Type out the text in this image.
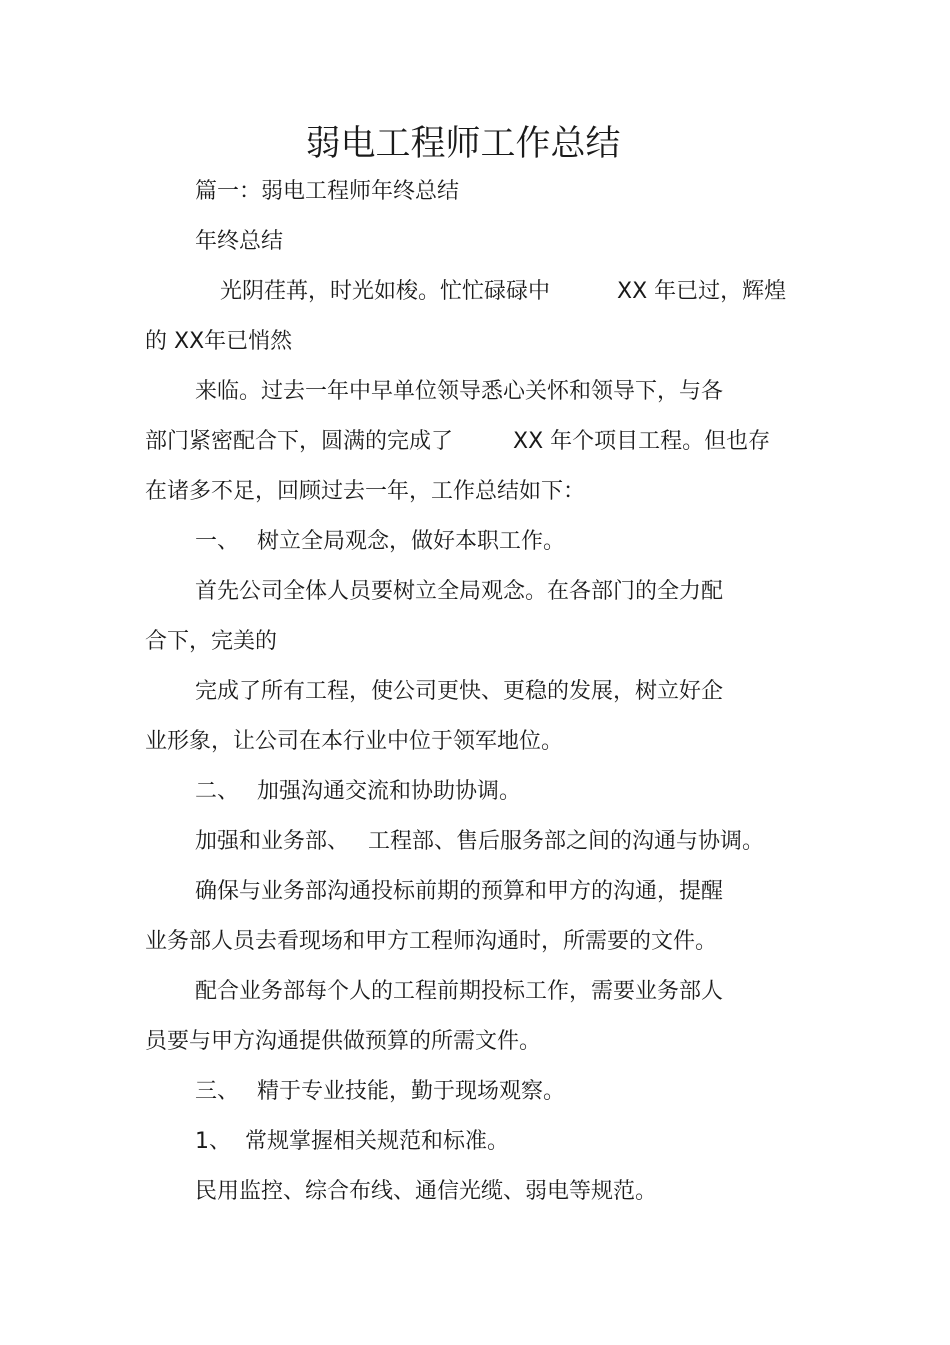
弱电工程师工作总结
篇一：弱电工程师年终总结
年终总结
光阴荏苒，时光如梭。忙忙碌碌中	XX 年已过，辉煌
的 XX年已悄然
来临。过去一年中早单位领导悉心关怀和领导下，与各
部门紧密配合下，圆满的完成了	XX 年个项目工程。但也存
在诸多不足，回顾过去一年，工作总结如下：
一、 树立全局观念，做好本职工作。
首先公司全体人员要树立全局观念。在各部门的全力配
合下，完美的
完成了所有工程，使公司更快、更稳的发展，树立好企
业形象，让公司在本行业中位于领军地位。
二、 加强沟通交流和协助协调。
加强和业务部、 工程部、售后服务部之间的沟通与协调。
确保与业务部沟通投标前期的预算和甲方的沟通，提醒
业务部人员去看现场和甲方工程师沟通时，所需要的文件。
配合业务部每个人的工程前期投标工作，需要业务部人
员要与甲方沟通提供做预算的所需文件。
三、 精于专业技能，勤于现场观察。
1、 常规掌握相关规范和标准。
民用监控、综合布线、通信光缆、弱电等规范。
